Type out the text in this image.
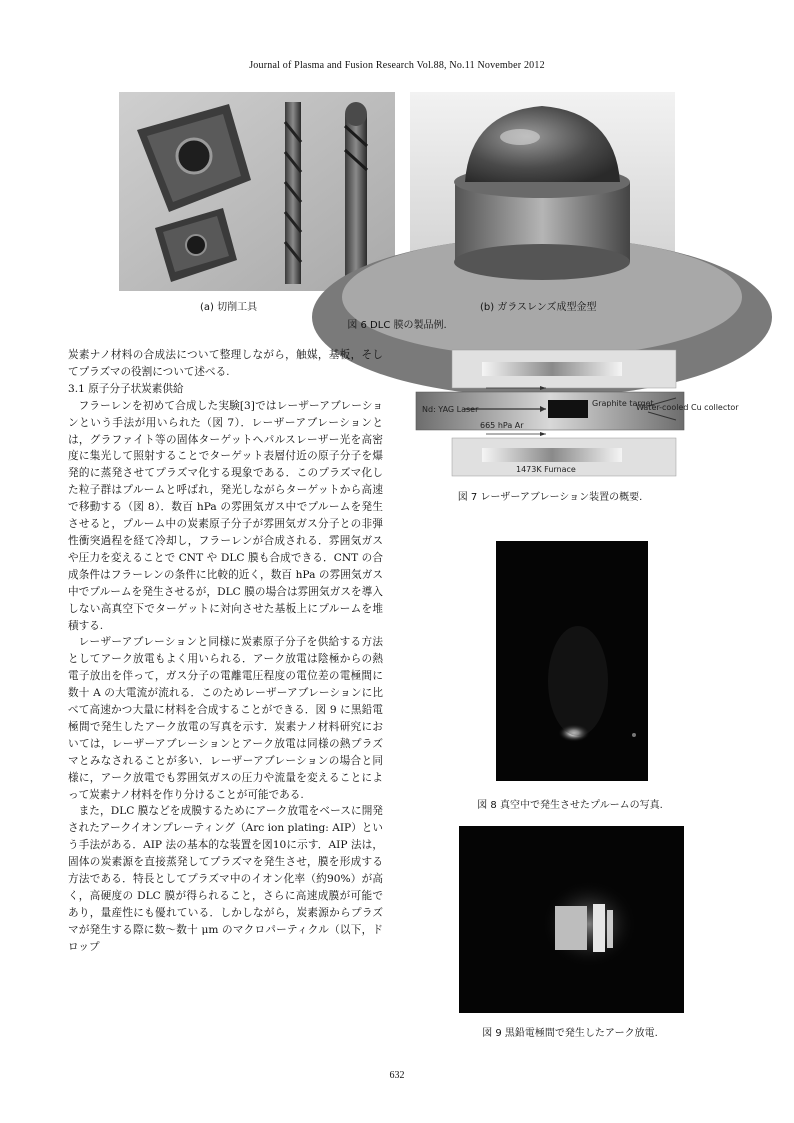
Journal of Plasma and Fusion Research Vol.88, No.11 November 2012
(a) 切削工具	(b) ガラスレンズ成型金型
図 6 DLC 膜の製品例.

炭素ナノ材料の合成法について整理しながら，触媒，基板，そしてプラズマの役割について述べる.

3.1 原子分子状炭素供給

フラーレンを初めて合成した実験[3]ではレーザーアブレーションという手法が用いられた（図 7）．レーザーアブレーションとは，グラファイト等の固体ターゲットへパルスレーザー光を高密度に集光して照射することでターゲット表層付近の原子分子を爆発的に蒸発させてプラズマ化する現象である．このプラズマ化した粒子群はプルームと呼ばれ，発光しながらターゲットから高速で移動する（図 8）．数百 hPa の雰囲気ガス中でプルームを発生させると，プルーム中の炭素原子分子が雰囲気ガス分子との非弾性衝突過程を経て冷却し，フラーレンが合成される．雰囲気ガスや圧力を変えることで CNT や DLC 膜も合成できる．CNT の合成条件はフラーレンの条件に比較的近く，数百 hPa の雰囲気ガス中でプルームを発生させるが，DLC 膜の場合は雰囲気ガスを導入しない高真空下でターゲットに対向させた基板上にプルームを堆積する.

レーザーアブレーションと同様に炭素原子分子を供給する方法としてアーク放電もよく用いられる．アーク放電は陰極からの熱電子放出を伴って，ガス分子の電離電圧程度の電位差の電極間に数十 A の大電流が流れる．このためレーザーアブレーションに比べて高速かつ大量に材料を合成することができる．図 9 に黒鉛電極間で発生したアーク放電の写真を示す．炭素ナノ材料研究においては，レーザーアブレーションとアーク放電は同様の熱プラズマとみなされることが多い．レーザーアブレーションの場合と同様に，アーク放電でも雰囲気ガスの圧力や流量を変えることによって炭素ナノ材料を作り分けることが可能である.

また，DLC 膜などを成膜するためにアーク放電をベースに開発されたアークイオンプレーティング（Arc ion plating: AIP）という手法がある．AIP 法の基本的な装置を図10に示す．AIP 法は，固体の炭素源を直接蒸発してプラズマを発生させ，膜を形成する方法である．特長としてプラズマ中のイオン化率（約90%）が高く，高硬度の DLC 膜が得られること，さらに高速成膜が可能であり，量産性にも優れている．しかしながら，炭素源からプラズマが発生する際に数～数十 μm のマクロパーティクル（以下，ドロップ

Nd: YAG Laser
Graphite target
Water-cooled Cu collector
665 hPa Ar
1473K Furnace
図 7 レーザーアブレーション装置の概要.
図 8 真空中で発生させたプルームの写真.
図 9 黒鉛電極間で発生したアーク放電.
632
